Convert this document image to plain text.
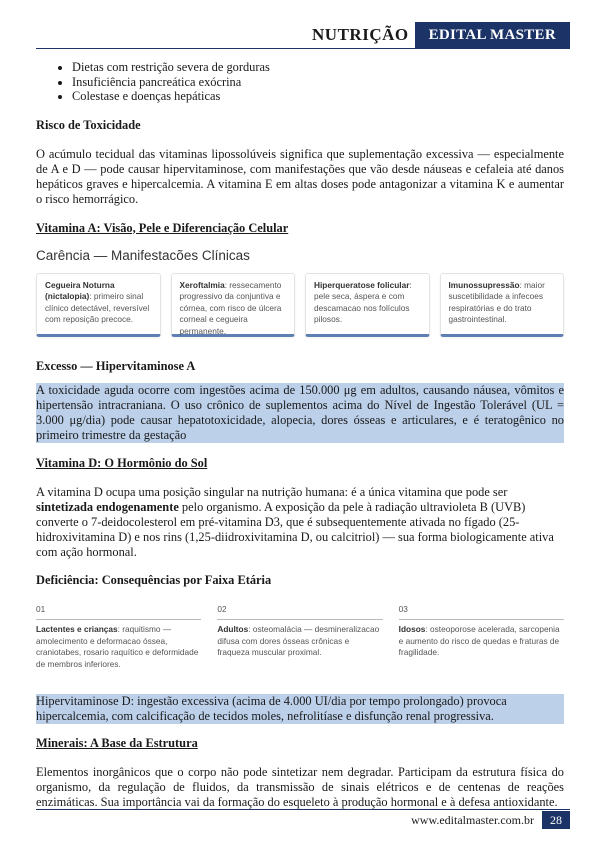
NUTRIÇÃO	EDITAL MASTER
• Dietas com restrição severa de gorduras
• Insuficiência pancreática exócrina
• Colestase e doenças hepáticas

Risco de Toxicidade

O acúmulo tecidual das vitaminas lipossolúveis significa que suplementação excessiva — especialmente de A e D — pode causar hipervitaminose, com manifestações que vão desde náuseas e cefaleia até danos hepáticos graves e hipercalcemia. A vitamina E em altas doses pode antagonizar a vitamina K e aumentar o risco hemorrágico.

Vitamina A: Visão, Pele e Diferenciação Celular

Carência — Manifestacões Clínicas

Cegueira Noturna (nictalopia): primeiro sinal clínico detectável, reversível com reposição precoce.
Xeroftalmia: ressecamento progressivo da conjuntiva e córnea, com risco de úlcera corneal e cegueira permanente.
Hiperqueratose folicular: pele seca, áspera e com descamacao nos folículos pilosos.
Imunossupressão: maior suscetibilidade a infecoes respiratórias e do trato gastrointestinal.

Excesso — Hipervitaminose A

A toxicidade aguda ocorre com ingestões acima de 150.000 μg em adultos, causando náusea, vômitos e hipertensão intracraniana. O uso crônico de suplementos acima do Nível de Ingestão Tolerável (UL = 3.000 μg/dia) pode causar hepatotoxicidade, alopecia, dores ósseas e articulares, e é teratogênico no primeiro trimestre da gestação

Vitamina D: O Hormônio do Sol

A vitamina D ocupa uma posição singular na nutrição humana: é a única vitamina que pode ser sintetizada endogenamente pelo organismo. A exposição da pele à radiação ultravioleta B (UVB) converte o 7-deidocolesterol em pré-vitamina D3, que é subsequentemente ativada no fígado (25-hidroxivitamina D) e nos rins (1,25-diidroxivitamina D, ou calcitriol) — sua forma biologicamente ativa com ação hormonal.

Deficiência: Consequências por Faixa Etária

01
Lactentes e crianças: raquitismo — amolecimento e deformacao óssea, craniotabes, rosario raquítico e deformidade de membros inferiores.
02
Adultos: osteomalácia — desmineralizacao difusa com dores ósseas crônicas e fraqueza muscular proximal.
03
Idosos: osteoporose acelerada, sarcopenia e aumento do risco de quedas e fraturas de fragilidade.

Hipervitaminose D: ingestão excessiva (acima de 4.000 UI/dia por tempo prolongado) provoca hipercalcemia, com calcificação de tecidos moles, nefrolitíase e disfunção renal progressiva.

Minerais: A Base da Estrutura

Elementos inorgânicos que o corpo não pode sintetizar nem degradar. Participam da estrutura física do organismo, da regulação de fluidos, da transmissão de sinais elétricos e de centenas de reações enzimáticas. Sua importância vai da formação do esqueleto à produção hormonal e à defesa antioxidante.

www.editalmaster.com.br	28
